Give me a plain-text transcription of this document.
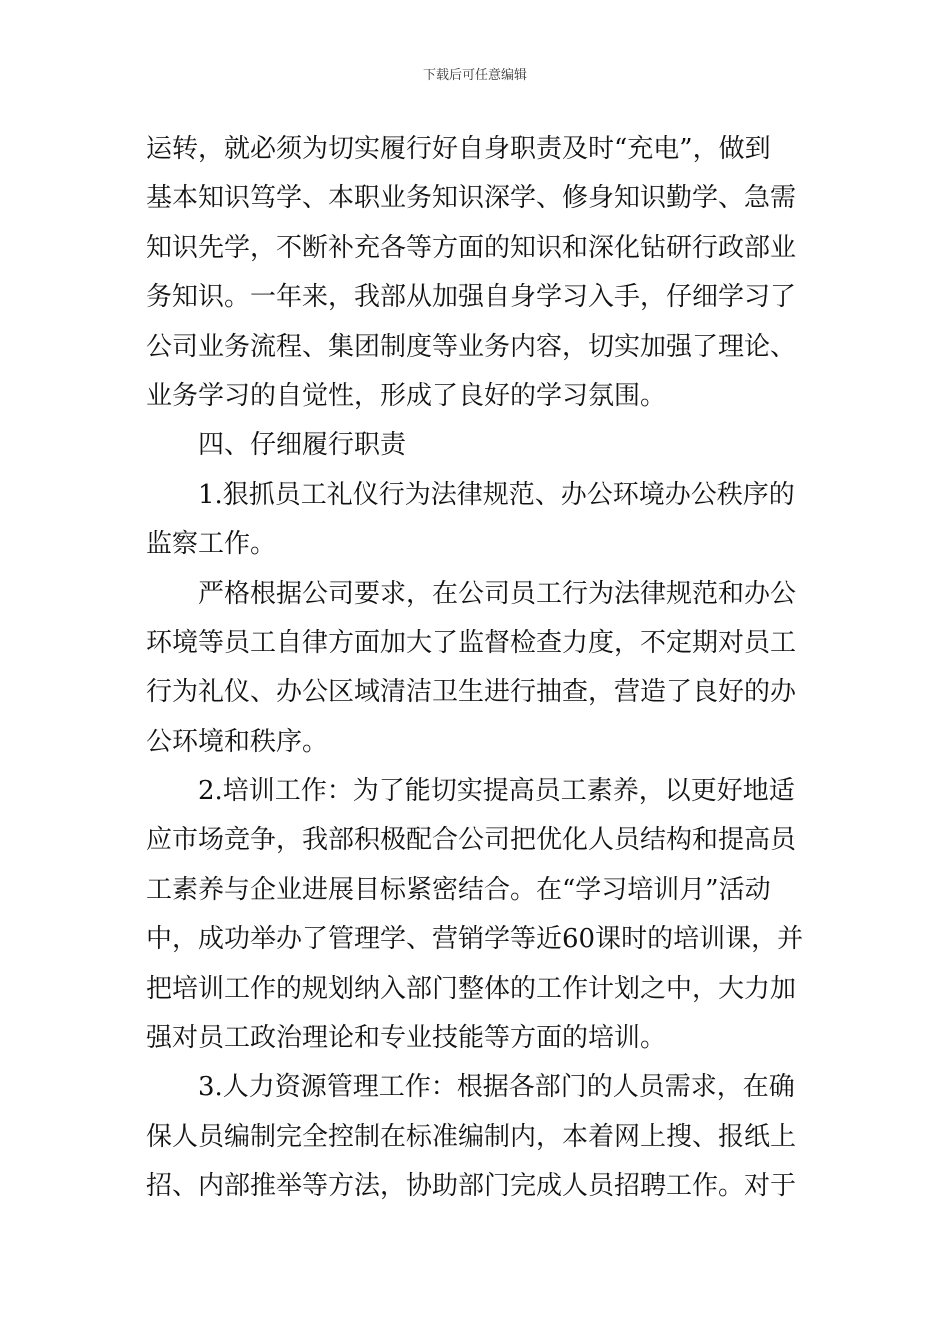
下载后可任意编辑
运转，就必须为切实履行好自身职责及时“充电”，做到
基本知识笃学、本职业务知识深学、修身知识勤学、急需
知识先学，不断补充各等方面的知识和深化钻研行政部业
务知识。一年来，我部从加强自身学习入手，仔细学习了
公司业务流程、集团制度等业务内容，切实加强了理论、
业务学习的自觉性，形成了良好的学习氛围。
四、仔细履行职责
1.狠抓员工礼仪行为法律规范、办公环境办公秩序的
监察工作。
严格根据公司要求，在公司员工行为法律规范和办公
环境等员工自律方面加大了监督检查力度，不定期对员工
行为礼仪、办公区域清洁卫生进行抽查，营造了良好的办
公环境和秩序。
2.培训工作：为了能切实提高员工素养，以更好地适
应市场竞争，我部积极配合公司把优化人员结构和提高员
工素养与企业进展目标紧密结合。在“学习培训月”活动
中，成功举办了管理学、营销学等近60课时的培训课，并
把培训工作的规划纳入部门整体的工作计划之中，大力加
强对员工政治理论和专业技能等方面的培训。
3.人力资源管理工作：根据各部门的人员需求，在确
保人员编制完全控制在标准编制内，本着网上搜、报纸上
招、内部推举等方法，协助部门完成人员招聘工作。对于
